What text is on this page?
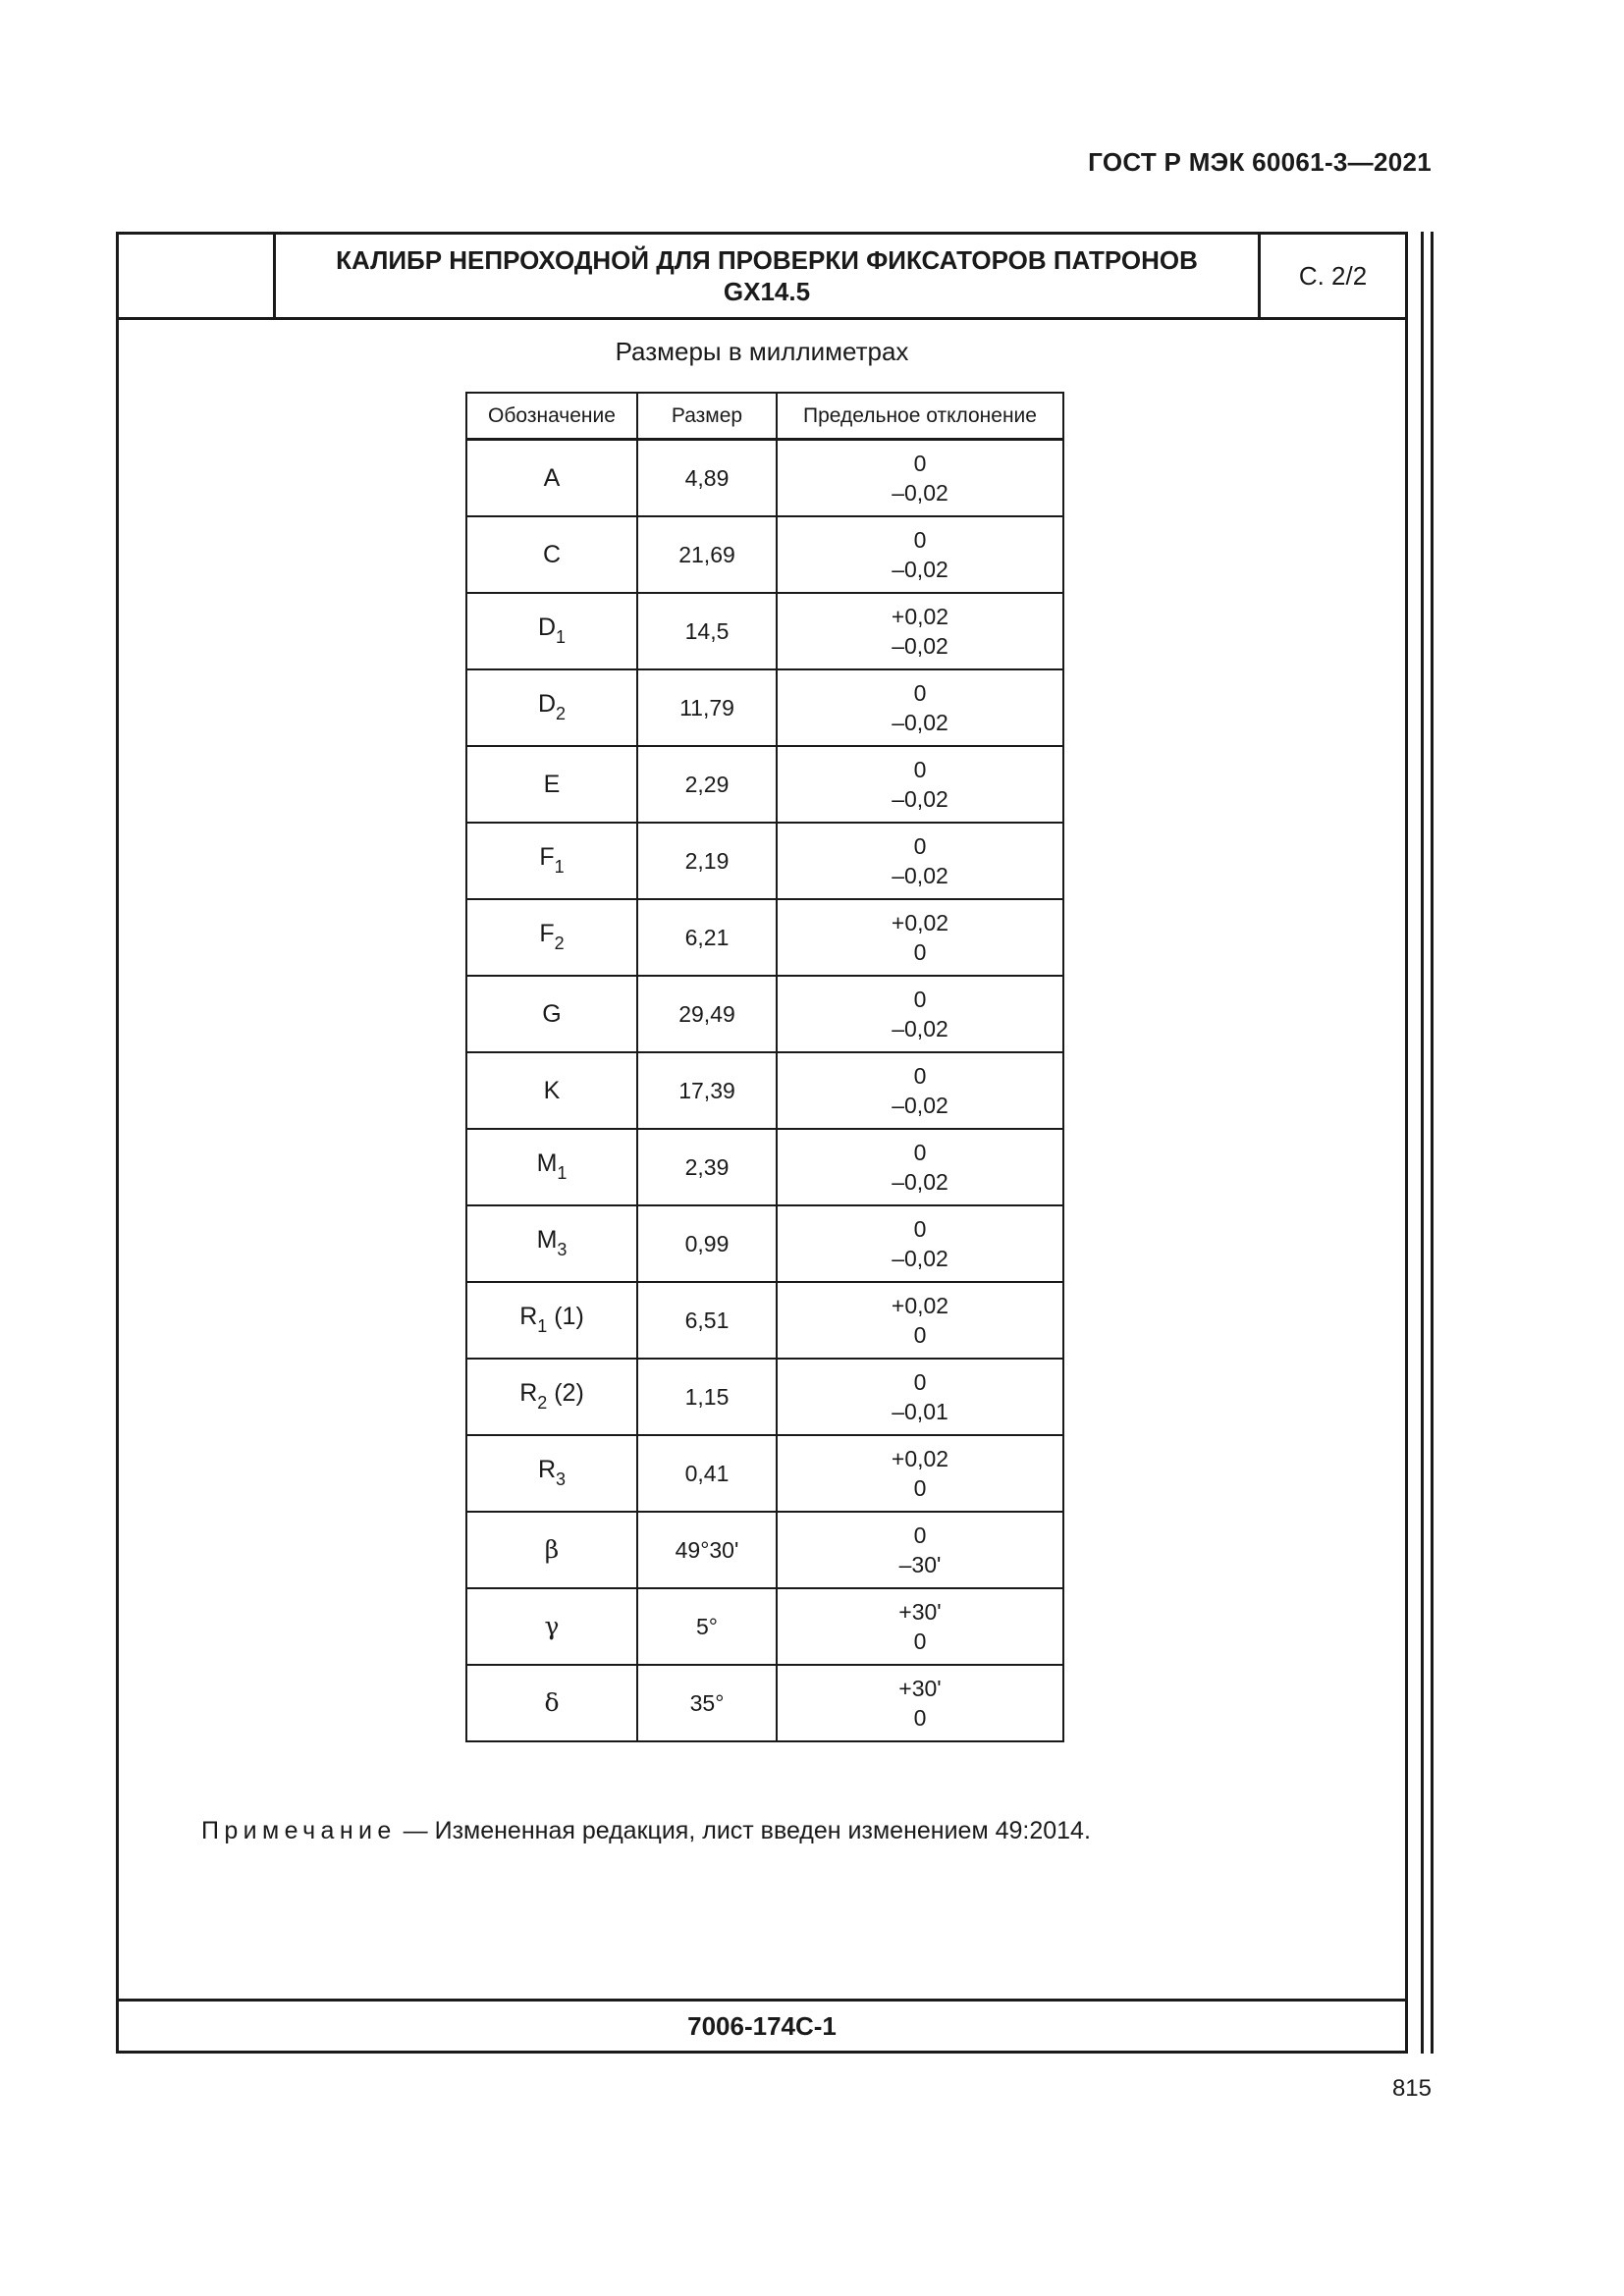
ГОСТ Р МЭК 60061-3—2021
КАЛИБР НЕПРОХОДНОЙ ДЛЯ ПРОВЕРКИ ФИКСАТОРОВ ПАТРОНОВ
GX14.5
С. 2/2
Размеры в миллиметрах
Обозначение	Размер	Предельное отклонение
A	4,89	0
–0,02

C	21,69	0
–0,02

$D_1$	14,5	+0,02
–0,02

$D_2$	11,79	0
–0,02

E	2,29	0
–0,02

$F_1$	2,19	0
–0,02

$F_2$	6,21	+0,02
0

G	29,49	0
–0,02

K	17,39	0
–0,02

$M_1$	2,39	0
–0,02

$M_3$	0,99	0
–0,02

$R_1$ (1)	6,51	+0,02
0

$R_2$ (2)	1,15	0
–0,01

$R_3$	0,41	+0,02
0

β	49°30'	0
–30'

γ	5°	+30'
0

δ	35°	+30'
0
Примечание — Измененная редакция, лист введен изменением 49:2014.
7006-174C-1
815
